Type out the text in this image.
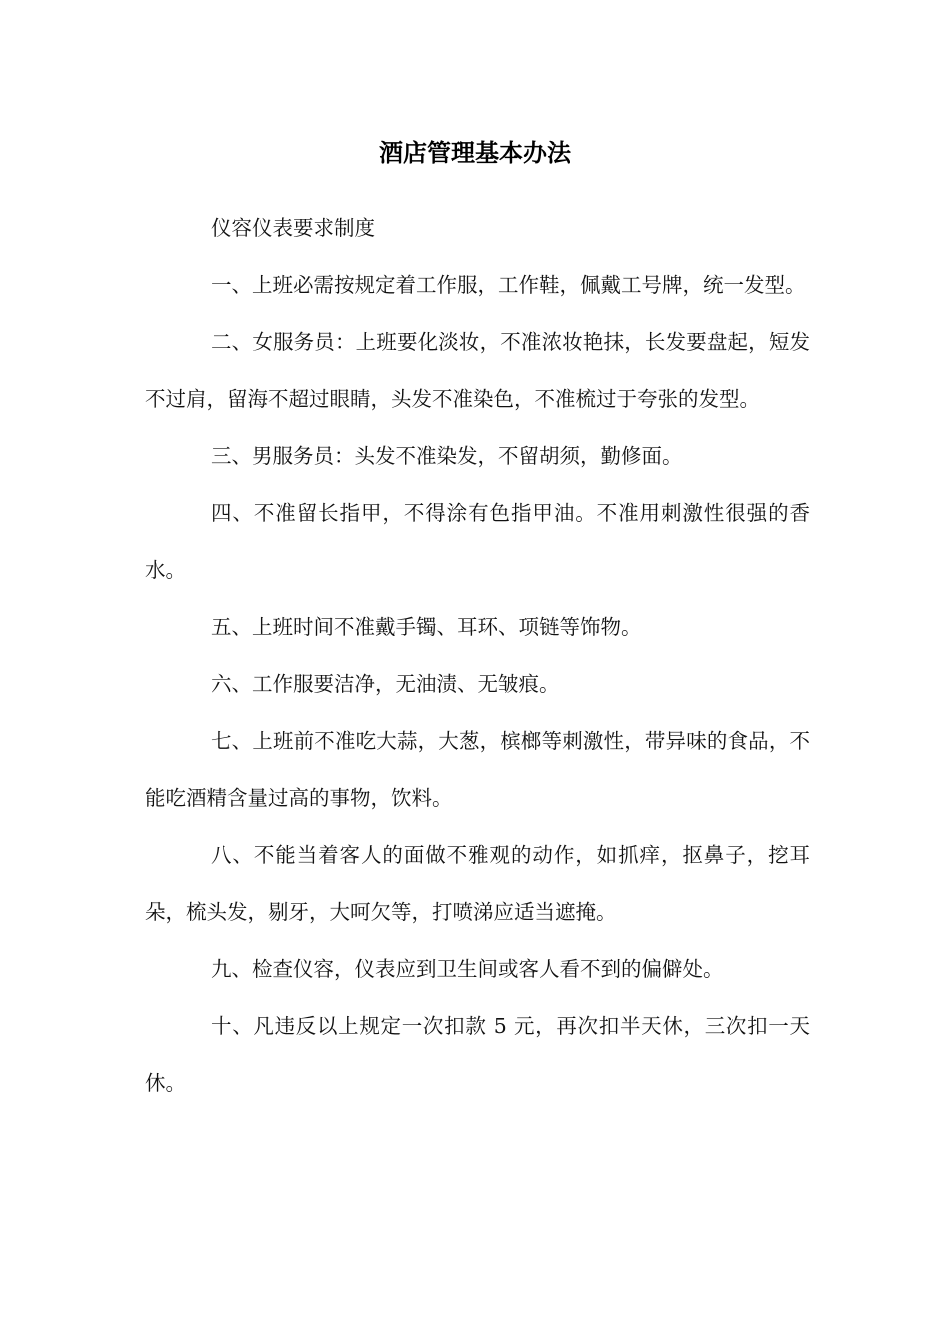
酒店管理基本办法

仪容仪表要求制度

一、上班必需按规定着工作服，工作鞋，佩戴工号牌，统一发型。

二、女服务员：上班要化淡妆，不准浓妆艳抹，长发要盘起，短发不过肩，留海不超过眼睛，头发不准染色，不准梳过于夸张的发型。

三、男服务员：头发不准染发，不留胡须，勤修面。

四、不准留长指甲，不得涂有色指甲油。不准用刺激性很强的香水。

五、上班时间不准戴手镯、耳环、项链等饰物。

六、工作服要洁净，无油渍、无皱痕。

七、上班前不准吃大蒜，大葱，槟榔等刺激性，带异味的食品，不能吃酒精含量过高的事物，饮料。

八、不能当着客人的面做不雅观的动作，如抓痒，抠鼻子，挖耳朵，梳头发，剔牙，大呵欠等，打喷涕应适当遮掩。

九、检查仪容，仪表应到卫生间或客人看不到的偏僻处。

十、凡违反以上规定一次扣款 5 元，再次扣半天休，三次扣一天休。
